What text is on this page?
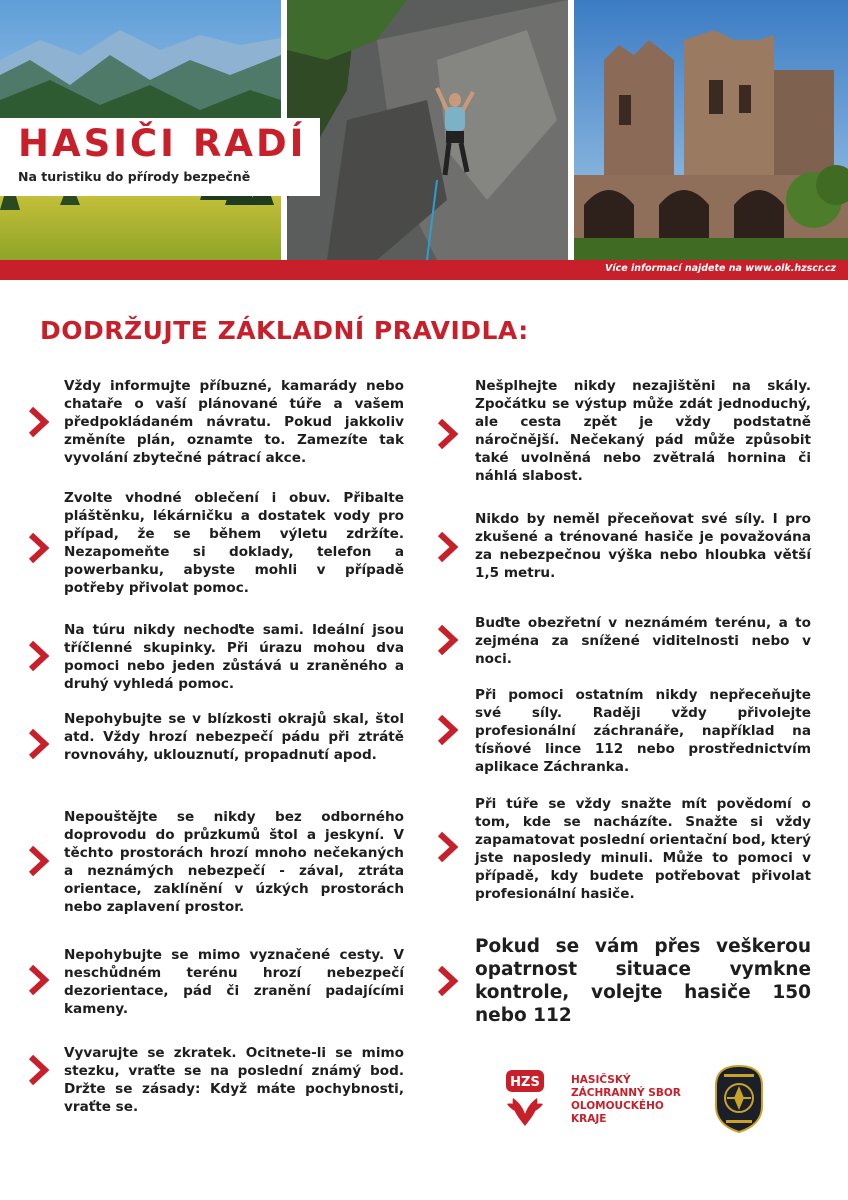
HASIČI RADÍ

Na turistiku do přírody bezpečně

Více informací najdete na www.olk.hzscr.cz
DODRŽUJTE ZÁKLADNÍ PRAVIDLA:

Vždy informujte příbuzné, kamarády nebo chataře o vaší plánované túře a vašem předpokládaném návratu. Pokud jakkoliv změníte plán, oznamte to. Zamezíte tak vyvolání zbytečné pátrací akce.

Zvolte vhodné oblečení i obuv. Přibalte pláštěnku, lékárničku a dostatek vody pro případ, že se během výletu zdržíte. Nezapomeňte si doklady, telefon a powerbanku, abyste mohli v případě potřeby přivolat pomoc.

Na túru nikdy nechoďte sami. Ideální jsou tříčlenné skupinky. Při úrazu mohou dva pomoci nebo jeden zůstává u zraněného a druhý vyhledá pomoc.

Nepohybujte se v blízkosti okrajů skal, štol atd. Vždy hrozí nebezpečí pádu při ztrátě rovnováhy, uklouznutí, propadnutí apod.

Nepouštějte se nikdy bez odborného doprovodu do průzkumů štol a jeskyní. V těchto prostorách hrozí mnoho nečekaných a neznámých nebezpečí - zával, ztráta orientace, zaklínění v úzkých prostorách nebo zaplavení prostor.

Nepohybujte se mimo vyznačené cesty. V neschůdném terénu hrozí nebezpečí dezorientace, pád či zranění padajícími kameny.

Vyvarujte se zkratek. Ocitnete-li se mimo stezku, vraťte se na poslední známý bod. Držte se zásady: Když máte pochybnosti, vraťte se.

Nešplhejte nikdy nezajištěni na skály. Zpočátku se výstup může zdát jednoduchý, ale cesta zpět je vždy podstatně náročnější. Nečekaný pád může způsobit také uvolněná nebo zvětralá hornina či náhlá slabost.

Nikdo by neměl přeceňovat své síly. I pro zkušené a trénované hasiče je považována za nebezpečnou výška nebo hloubka větší 1,5 metru.

Buďte obezřetní v neznámém terénu, a to zejména za snížené viditelnosti nebo v noci.

Při pomoci ostatním nikdy nepřeceňujte své síly. Raději vždy přivolejte profesionální záchranáře, například na tísňové lince 112 nebo prostřednictvím aplikace Záchranka.

Při túře se vždy snažte mít povědomí o tom, kde se nacházíte. Snažte si vždy zapamatovat poslední orientační bod, který jste naposledy minuli. Může to pomoci v případě, kdy budete potřebovat přivolat profesionální hasiče.

Pokud se vám přes veškerou opatrnost situace vymkne kontrole, volejte hasiče 150 nebo 112

HZS	HASIČSKÝ
ZÁCHRANNÝ SBOR
OLOMOUCKÉHO
KRAJE
